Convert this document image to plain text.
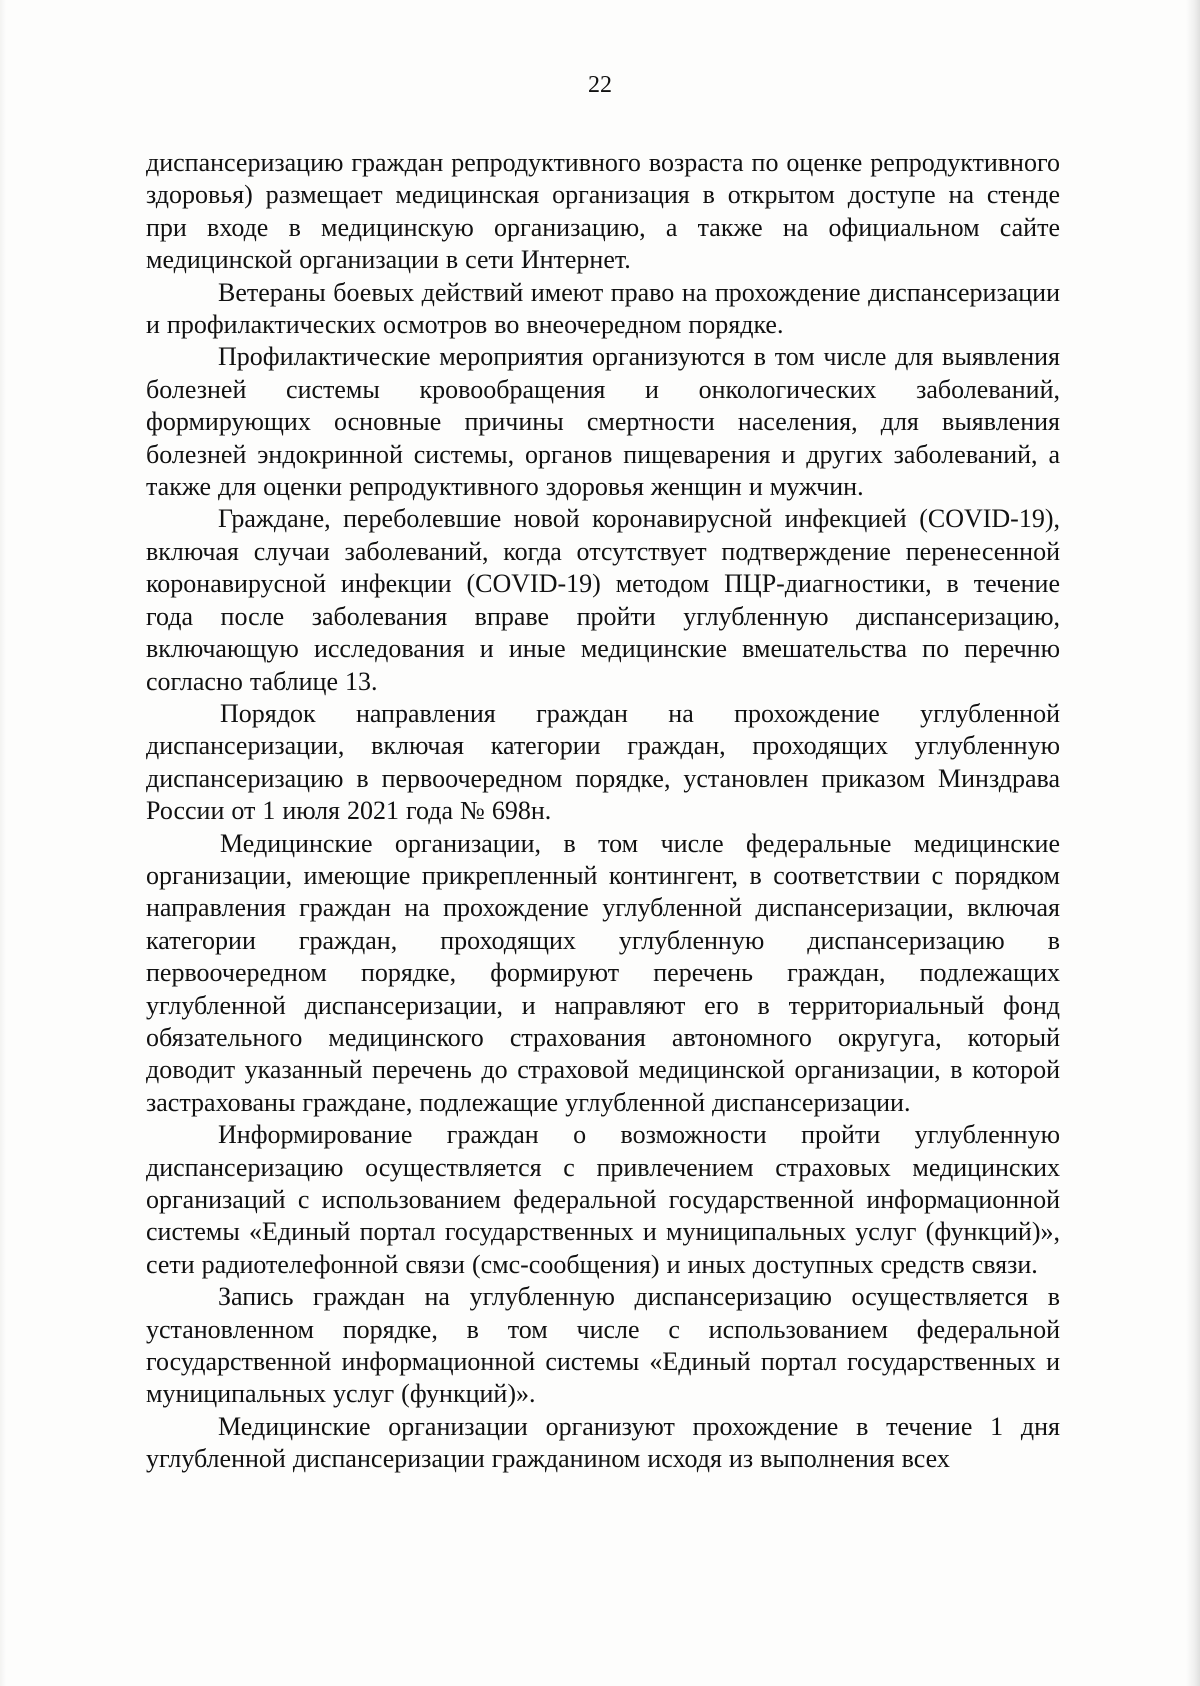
22

диспансеризацию граждан репродуктивного возраста по оценке репродуктивного здоровья) размещает медицинская организация в открытом доступе на стенде при входе в медицинскую организацию, а также на официальном сайте медицинской организации в сети Интернет.

Ветераны боевых действий имеют право на прохождение диспансеризации и профилактических осмотров во внеочередном порядке.

Профилактические мероприятия организуются в том числе для выявления болезней системы кровообращения и онкологических заболеваний, формирующих основные причины смертности населения, для выявления болезней эндокринной системы, органов пищеварения и других заболеваний, а также для оценки репродуктивного здоровья женщин и мужчин.

Граждане, переболевшие новой коронавирусной инфекцией (COVID-19), включая случаи заболеваний, когда отсутствует подтверждение перенесенной коронавирусной инфекции (COVID-19) методом ПЦР-диагностики, в течение года после заболевания вправе пройти углубленную диспансеризацию, включающую исследования и иные медицинские вмешательства по перечню согласно таблице 13.

Порядок направления граждан на прохождение углубленной диспансеризации, включая категории граждан, проходящих углубленную диспансеризацию в первоочередном порядке, установлен приказом Минздрава России от 1 июля 2021 года № 698н.

Медицинские организации, в том числе федеральные медицинские организации, имеющие прикрепленный контингент, в соответствии с порядком направления граждан на прохождение углубленной диспансеризации, включая категории граждан, проходящих углубленную диспансеризацию в первоочередном порядке, формируют перечень граждан, подлежащих углубленной диспансеризации, и направляют его в территориальный фонд обязательного медицинского страхования автономного округуга, который доводит указанный перечень до страховой медицинской организации, в которой застрахованы граждане, подлежащие углубленной диспансеризации.

Информирование граждан о возможности пройти углубленную диспансеризацию осуществляется с привлечением страховых медицинских организаций с использованием федеральной государственной информационной системы «Единый портал государственных и муниципальных услуг (функций)», сети радиотелефонной связи (смс-сообщения) и иных доступных средств связи.

Запись граждан на углубленную диспансеризацию осуществляется в установленном порядке, в том числе с использованием федеральной государственной информационной системы «Единый портал государственных и муниципальных услуг (функций)».

Медицинские организации организуют прохождение в течение 1 дня углубленной диспансеризации гражданином исходя из выполнения всех
